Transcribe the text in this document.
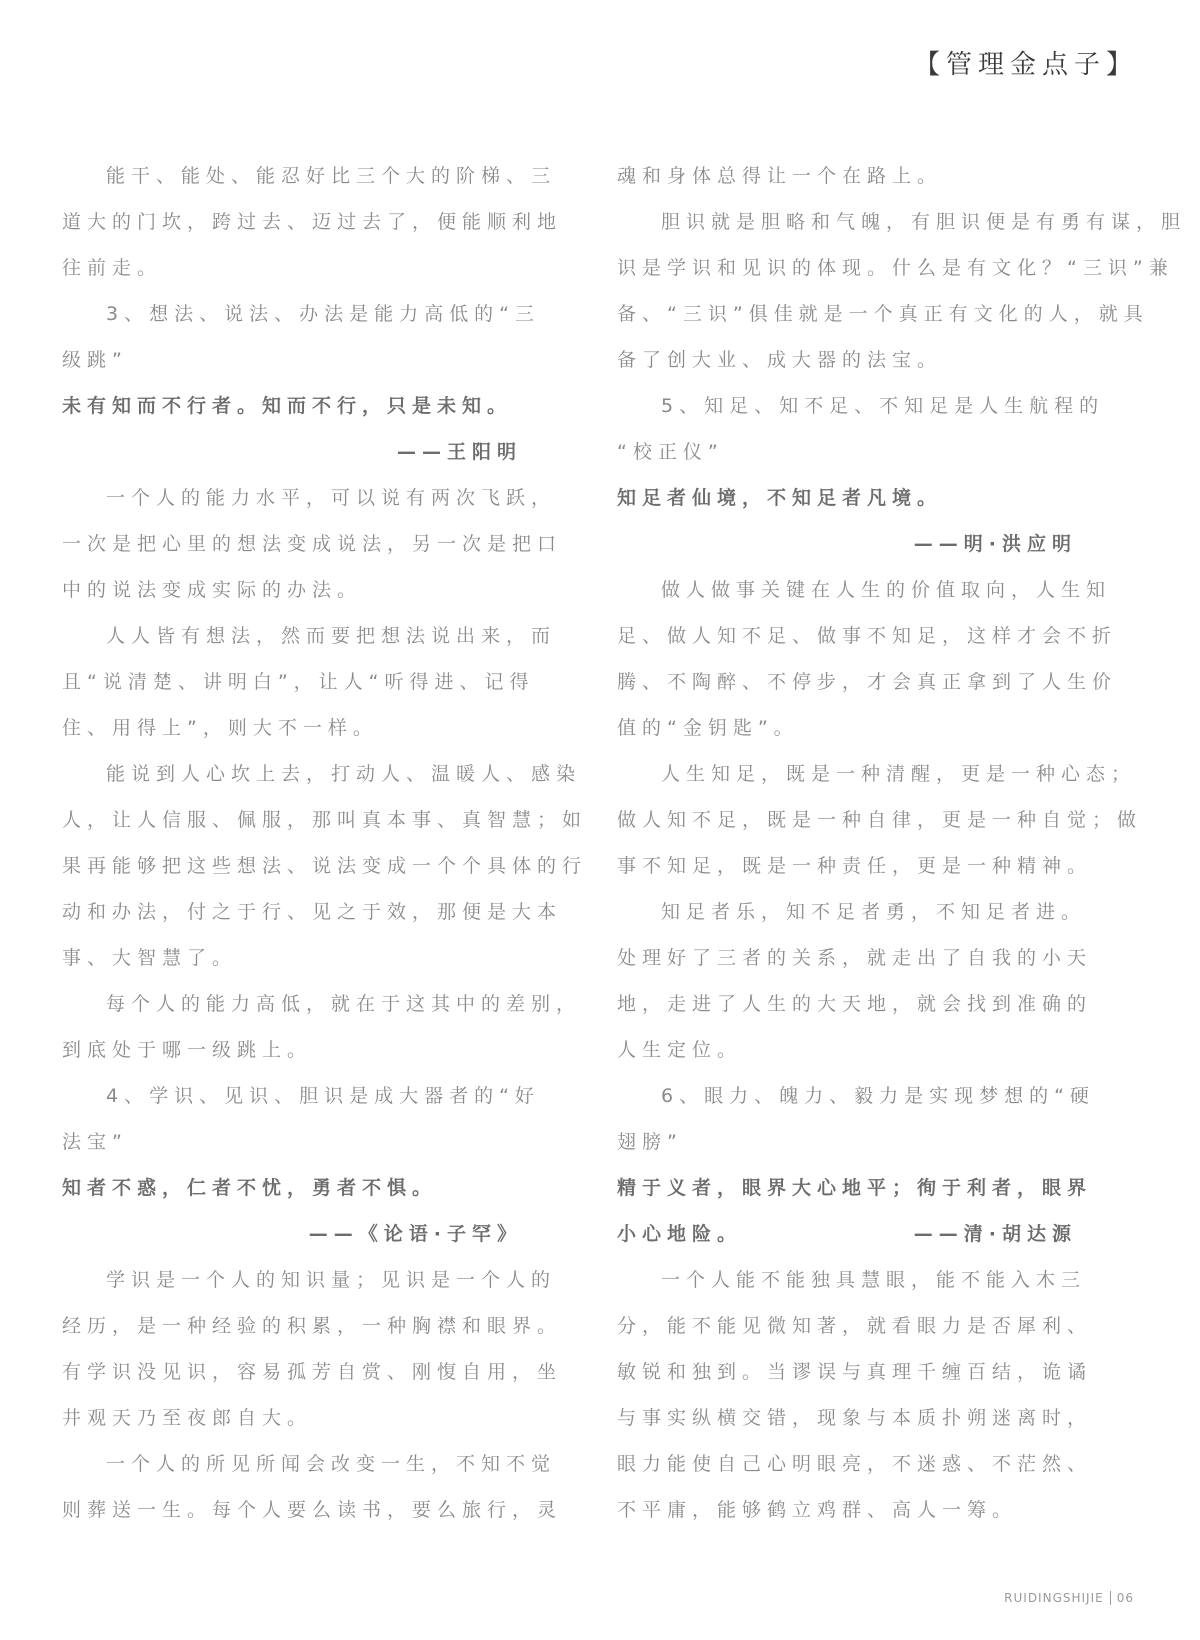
【管理金点子】
能干、能处、能忍好比三个大的阶梯、三
道大的门坎，跨过去、迈过去了，便能顺利地
往前走。
3、想法、说法、办法是能力高低的“三
级跳”
未有知而不行者。知而不行，只是未知。
——王阳明
一个人的能力水平，可以说有两次飞跃，
一次是把心里的想法变成说法，另一次是把口
中的说法变成实际的办法。
人人皆有想法，然而要把想法说出来，而
且“说清楚、讲明白”，让人“听得进、记得
住、用得上”，则大不一样。
能说到人心坎上去，打动人、温暖人、感染
人，让人信服、佩服，那叫真本事、真智慧；如
果再能够把这些想法、说法变成一个个具体的行
动和办法，付之于行、见之于效，那便是大本
事、大智慧了。
每个人的能力高低，就在于这其中的差别，
到底处于哪一级跳上。
4、学识、见识、胆识是成大器者的“好
法宝”
知者不惑，仁者不忧，勇者不惧。
——《论语·子罕》
学识是一个人的知识量；见识是一个人的
经历，是一种经验的积累，一种胸襟和眼界。
有学识没见识，容易孤芳自赏、刚愎自用，坐
井观天乃至夜郎自大。
一个人的所见所闻会改变一生，不知不觉
则葬送一生。每个人要么读书，要么旅行，灵
魂和身体总得让一个在路上。
胆识就是胆略和气魄，有胆识便是有勇有谋，胆
识是学识和见识的体现。什么是有文化？“三识”兼
备、“三识”俱佳就是一个真正有文化的人，就具
备了创大业、成大器的法宝。
5、知足、知不足、不知足是人生航程的
“校正仪”
知足者仙境，不知足者凡境。
——明·洪应明
做人做事关键在人生的价值取向，人生知
足、做人知不足、做事不知足，这样才会不折
腾、不陶醉、不停步，才会真正拿到了人生价
值的“金钥匙”。
人生知足，既是一种清醒，更是一种心态；
做人知不足，既是一种自律，更是一种自觉；做
事不知足，既是一种责任，更是一种精神。
知足者乐，知不足者勇，不知足者进。
处理好了三者的关系，就走出了自我的小天
地，走进了人生的大天地，就会找到准确的
人生定位。
6、眼力、魄力、毅力是实现梦想的“硬
翅膀”
精于义者，眼界大心地平；徇于利者，眼界
小心地险。	——清·胡达源
一个人能不能独具慧眼，能不能入木三
分，能不能见微知著，就看眼力是否犀利、
敏锐和独到。当谬误与真理千缠百结，诡谲
与事实纵横交错，现象与本质扑朔迷离时，
眼力能使自己心明眼亮，不迷惑、不茫然、
不平庸，能够鹤立鸡群、高人一筹。
RUIDINGSHIJIE 06
